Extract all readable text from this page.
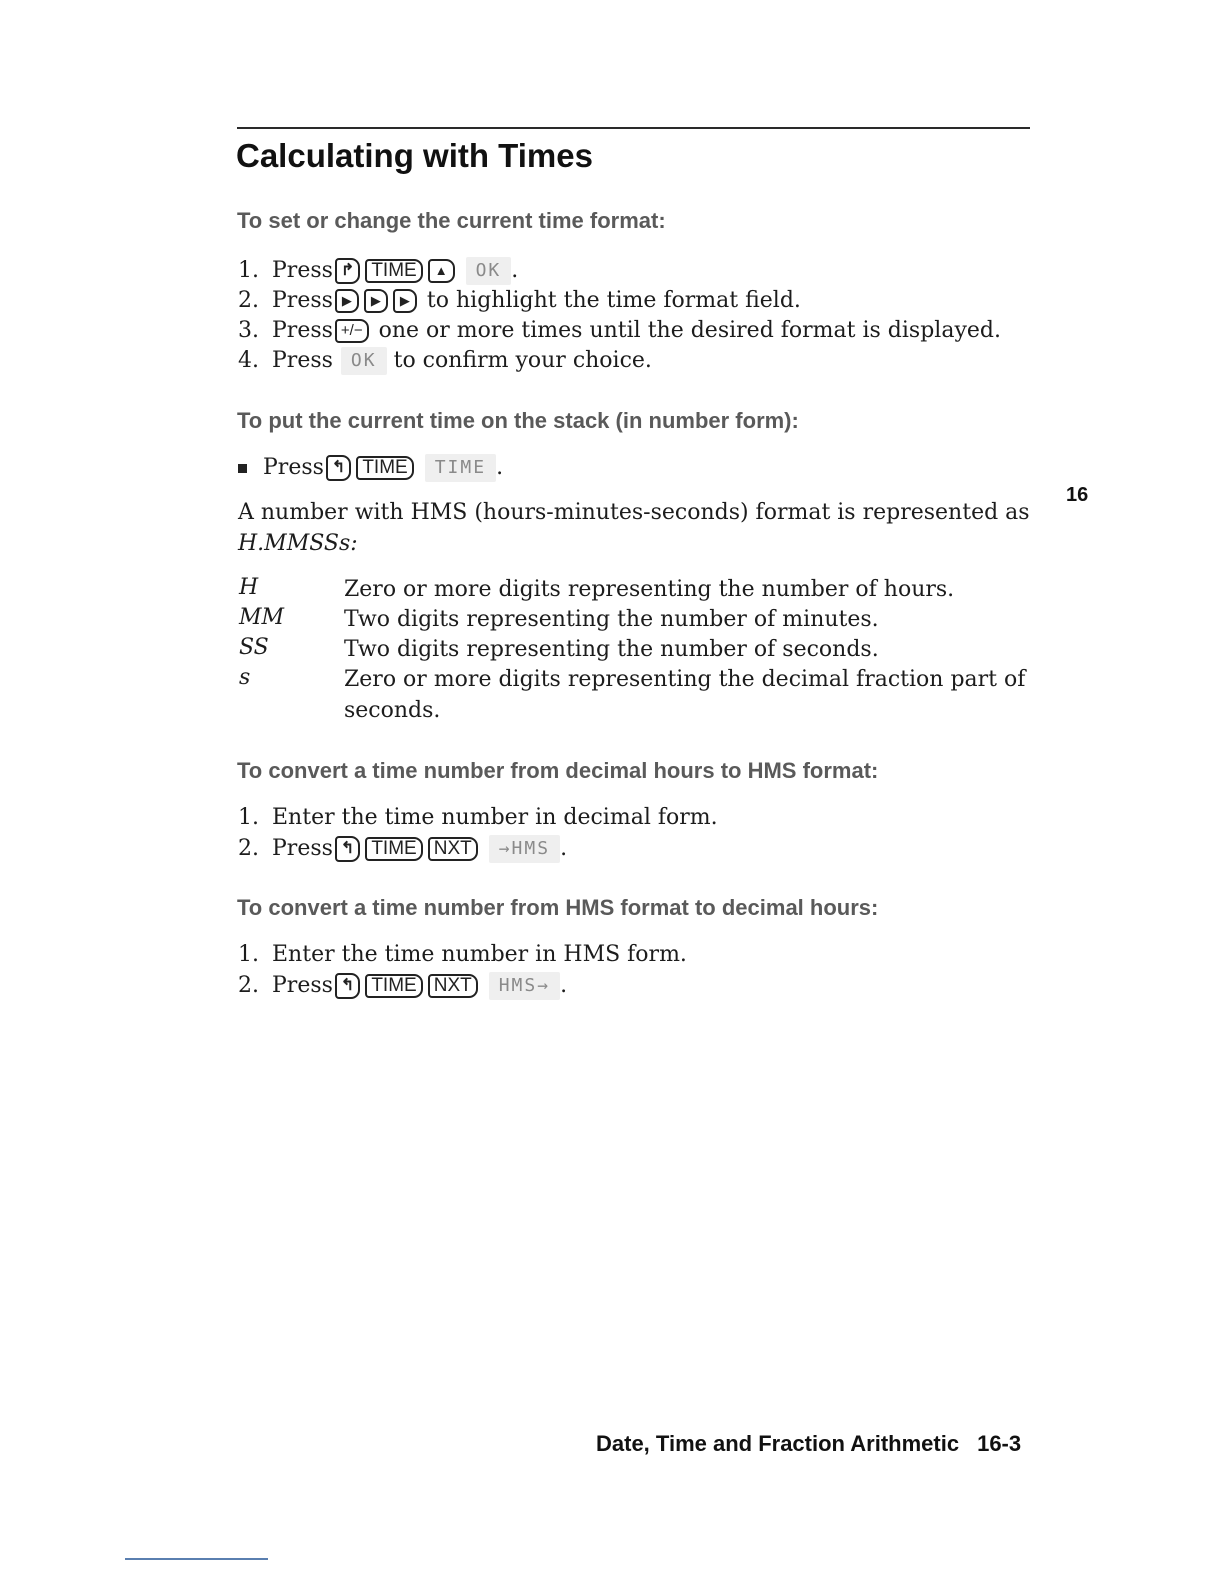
Calculating with Times
To set or change the current time format:
1. Press ↱ TIME	▲	OK .
2. Press ▶	▶	▶ to highlight the time format field.
3. Press +/− one or more times until the desired format is displayed.
4. Press	OK to confirm your choice.
To put the current time on the stack (in number form):
Press ↰ TIME	TIME .
16
A number with HMS (hours-minutes-seconds) format is represented as
H.MMSSs:
H	Zero or more digits representing the number of hours.
MM	Two digits representing the number of minutes.
SS	Two digits representing the number of seconds.
s	Zero or more digits representing the decimal fraction part of seconds.
To convert a time number from decimal hours to HMS format:
1. Enter the time number in decimal form.
2. Press ↰ TIME NXT	→HMS .
To convert a time number from HMS format to decimal hours:
1. Enter the time number in HMS form.
2. Press ↰ TIME NXT	HMS→ .
Date, Time and Fraction Arithmetic 16-3
